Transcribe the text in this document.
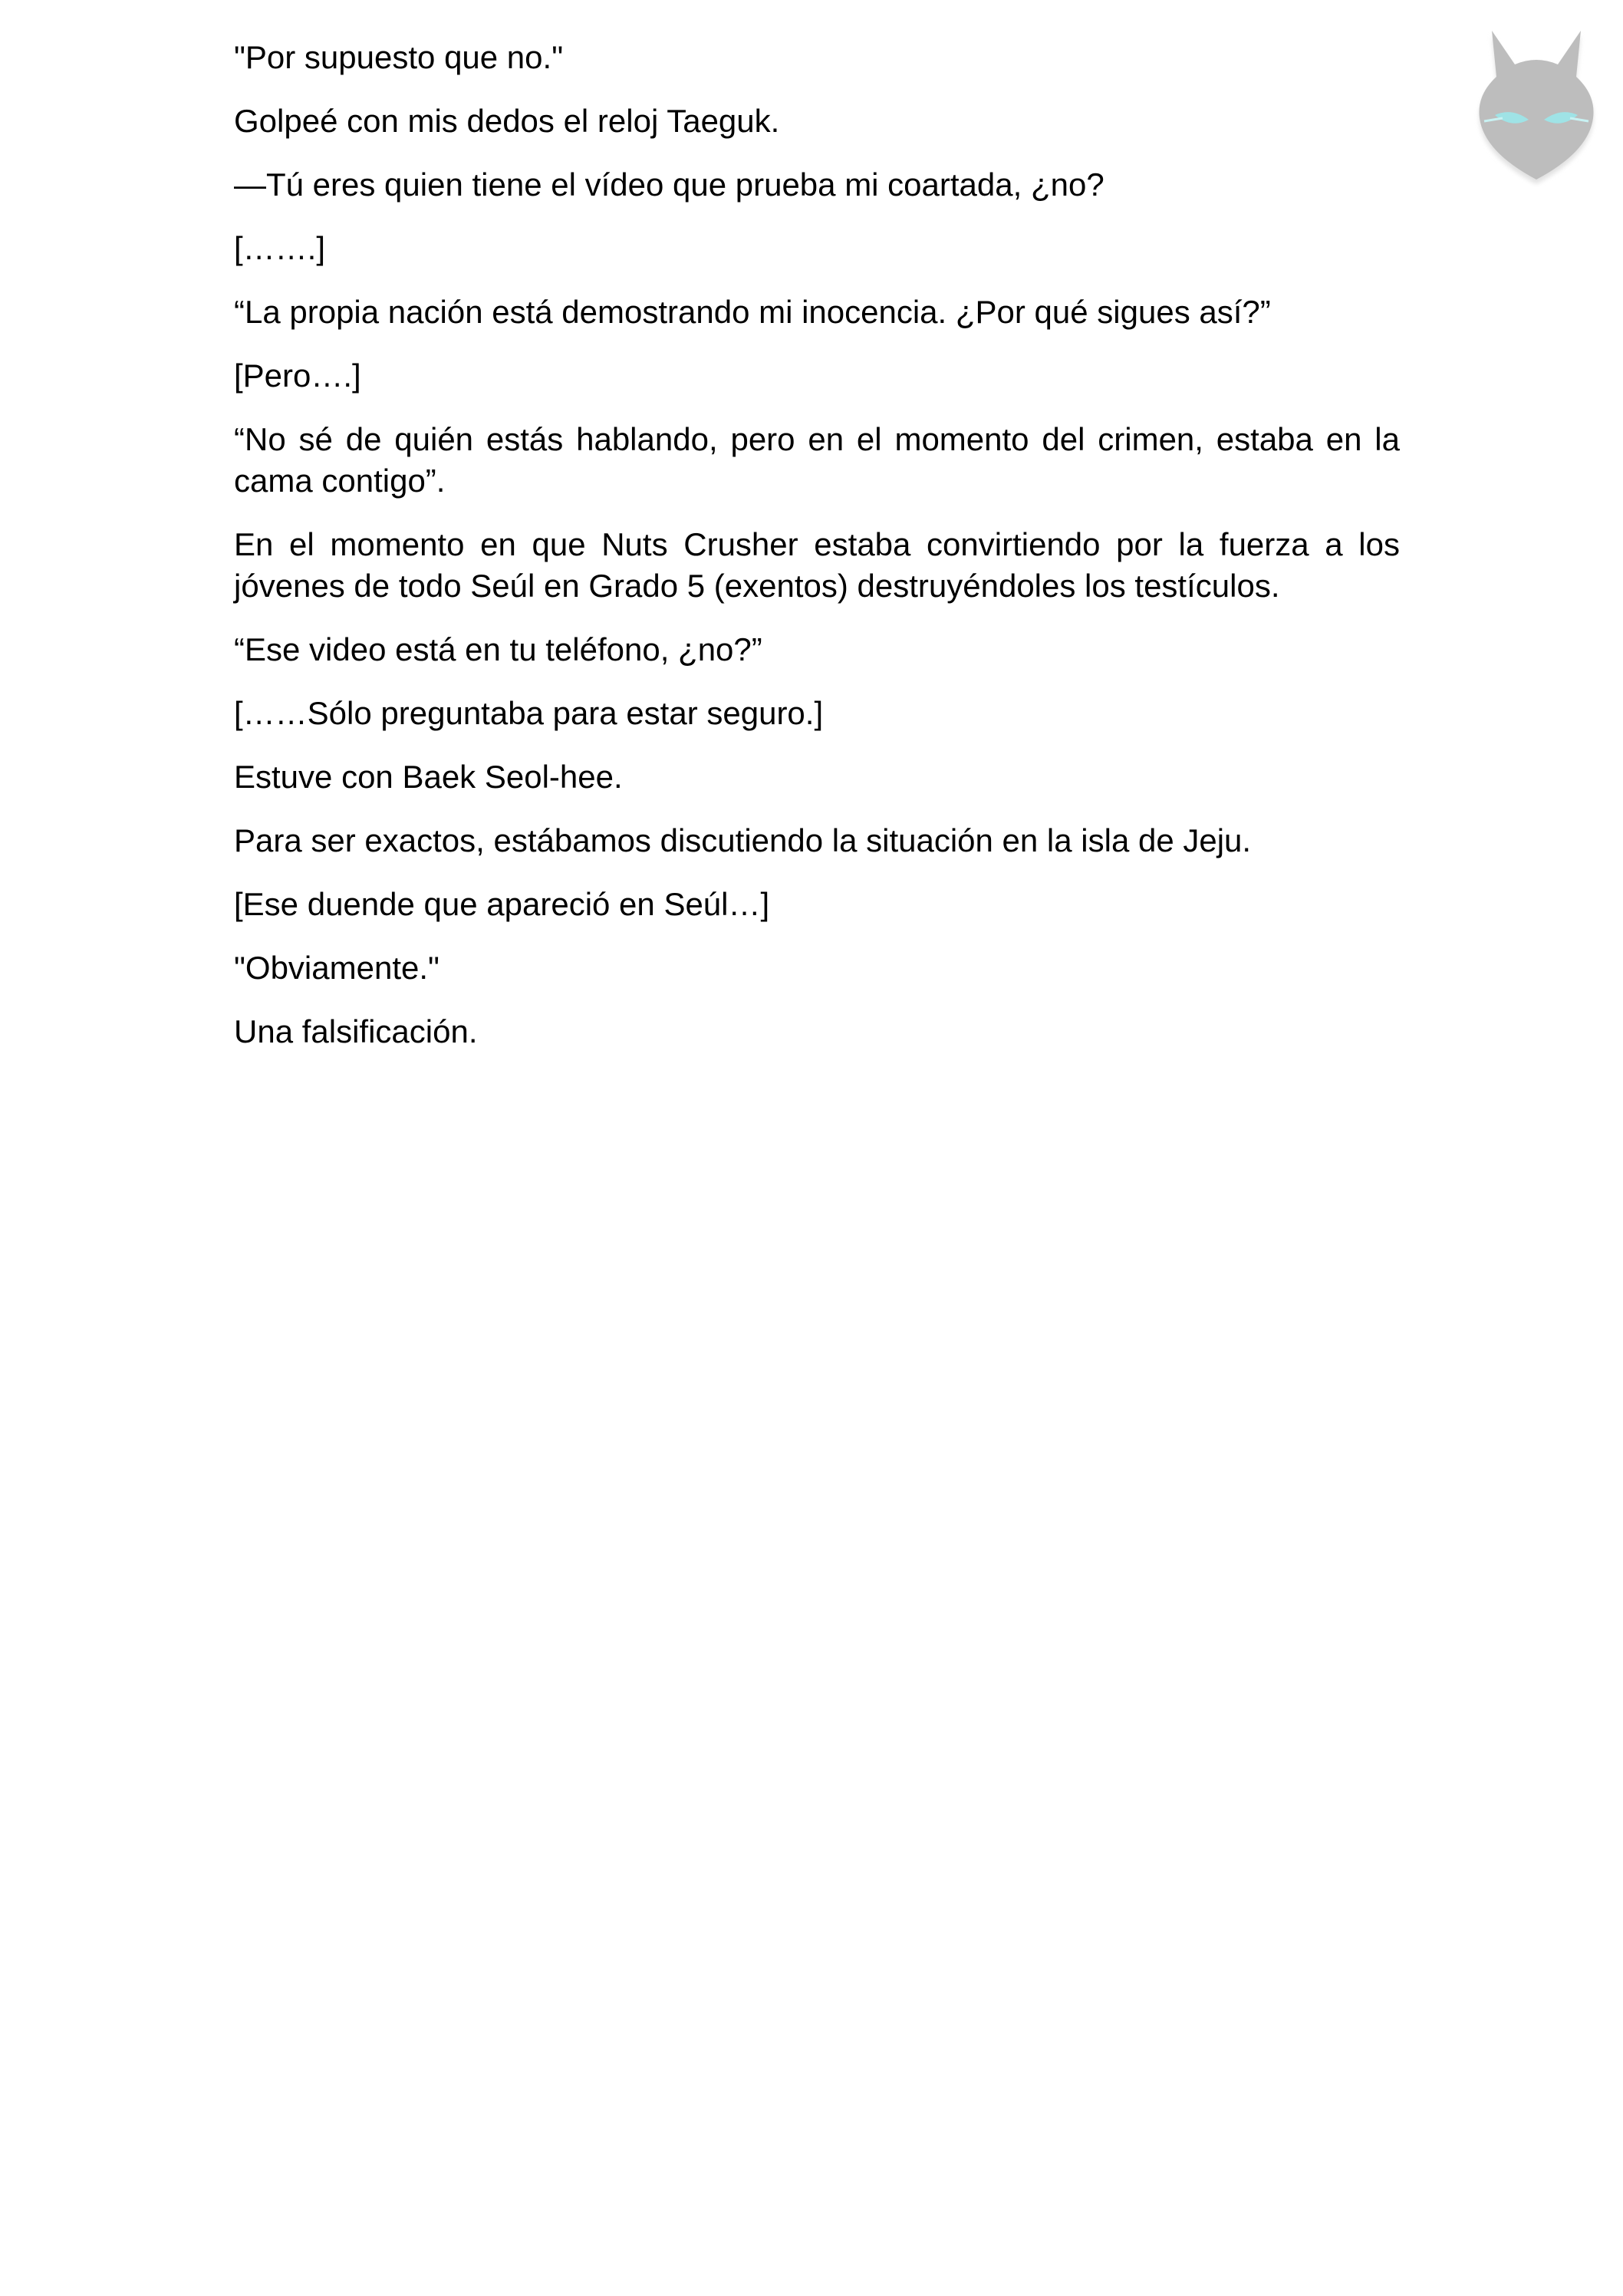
"Por supuesto que no."

Golpeé con mis dedos el reloj Taeguk.

—Tú eres quien tiene el vídeo que prueba mi coartada, ¿no?

[…….]

“La propia nación está demostrando mi inocencia. ¿Por qué sigues así?”

[Pero….]

“No sé de quién estás hablando, pero en el momento del crimen, estaba en la cama contigo”.

En el momento en que Nuts Crusher estaba convirtiendo por la fuerza a los jóvenes de todo Seúl en Grado 5 (exentos) destruyéndoles los testículos.

“Ese video está en tu teléfono, ¿no?”

[……Sólo preguntaba para estar seguro.]

Estuve con Baek Seol-hee.

Para ser exactos, estábamos discutiendo la situación en la isla de Jeju.

[Ese duende que apareció en Seúl…]

"Obviamente."

Una falsificación.
